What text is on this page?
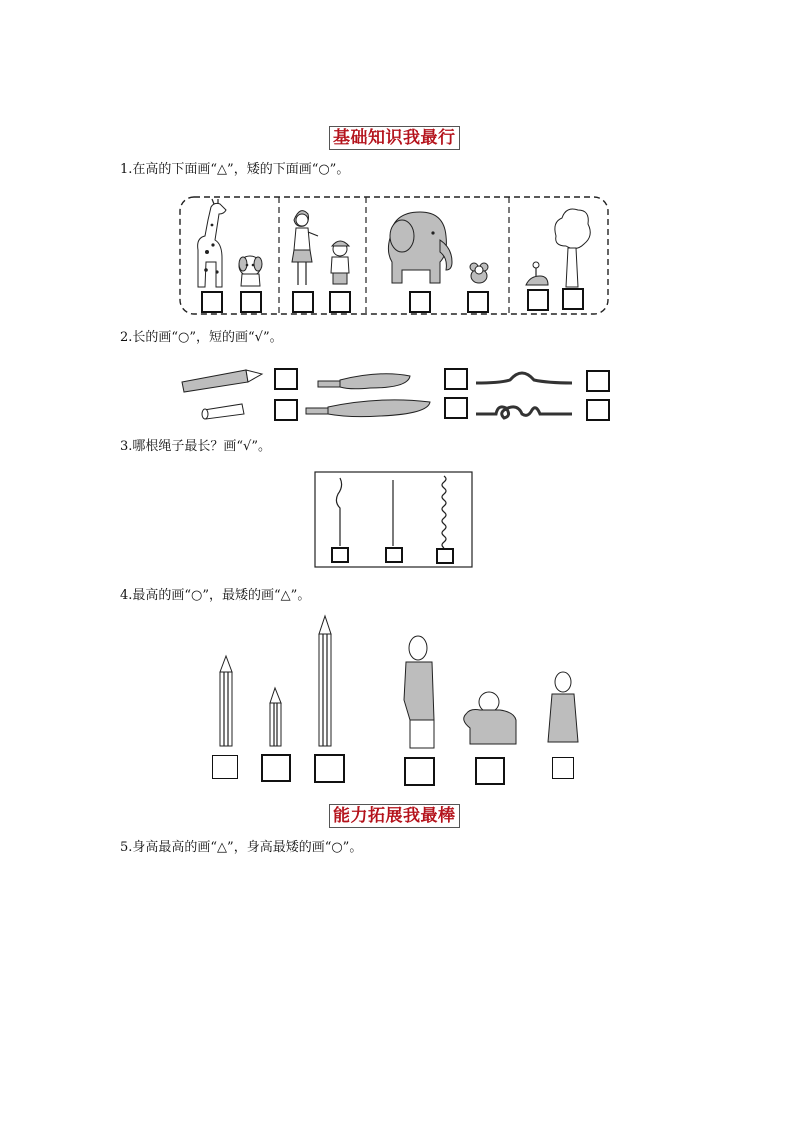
基础知识我最行
1.在高的下面画“△”，矮的下面画“○”。
2.长的画“○”，短的画“√”。
3.哪根绳子最长？画“√”。
4.最高的画“○”，最矮的画“△”。
能力拓展我最棒
5.身高最高的画“△”，身高最矮的画“○”。
